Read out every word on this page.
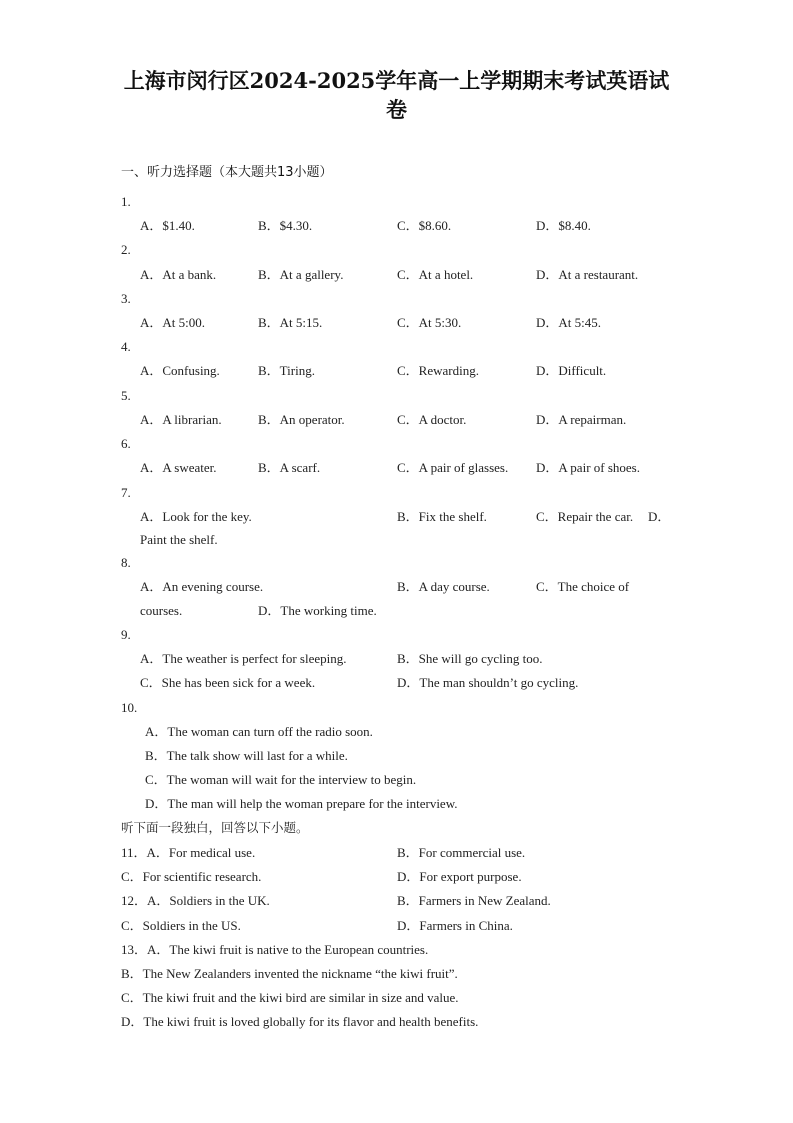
上海市闵行区2024-2025学年高一上学期期末考试英语试
卷
一、听力选择题（本大题共13小题）
1.
A．$1.40.	B．$4.30.	C．$8.60.	D．$8.40.
2.
A．At a bank.	B．At a gallery.	C．At a hotel.	D．At a restaurant.
3.
A．At 5:00.	B．At 5:15.	C．At 5:30.	D．At 5:45.
4.
A．Confusing.	B．Tiring.	C．Rewarding.	D．Difficult.
5.
A．A librarian.	B．An operator.	C．A doctor.	D．A repairman.
6.
A．A sweater.	B．A scarf.	C．A pair of glasses. D．A pair of shoes.
7.
A．Look for the key.	B．Fix the shelf.	C．Repair the car. D．
Paint the shelf.
8.
A．An evening course.	B．A day course.	C．The choice of
courses.	D．The working time.
9.
A．The weather is perfect for sleeping.	B．She will go cycling too.
C．She has been sick for a week.	D．The man shouldn’t go cycling.
10.
A．The woman can turn off the radio soon.
B．The talk show will last for a while.
C．The woman will wait for the interview to begin.
D．The man will help the woman prepare for the interview.
听下面一段独白，回答以下小题。
11．A．For medical use.	B．For commercial use.
C．For scientific research.	D．For export purpose.
12．A．Soldiers in the UK.	B．Farmers in New Zealand.
C．Soldiers in the US.	D．Farmers in China.
13．A．The kiwi fruit is native to the European countries.
B．The New Zealanders invented the nickname “the kiwi fruit”.
C．The kiwi fruit and the kiwi bird are similar in size and value.
D．The kiwi fruit is loved globally for its flavor and health benefits.
